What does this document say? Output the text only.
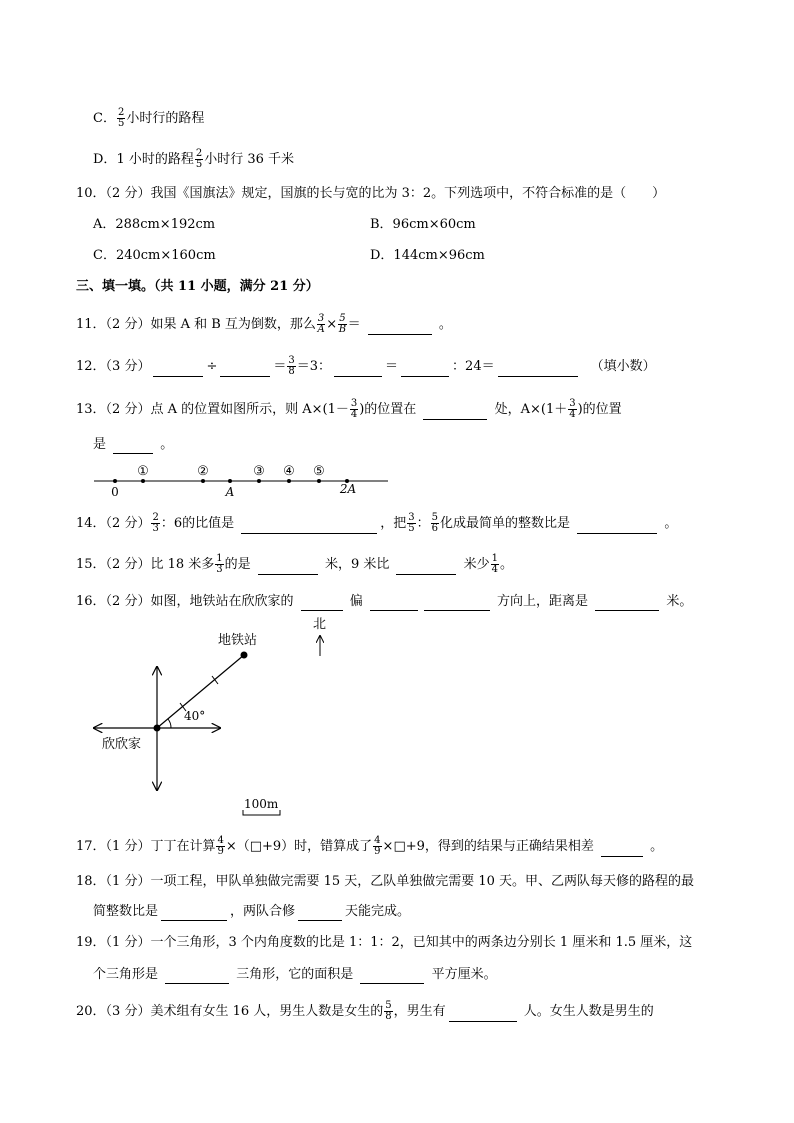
C． $\frac{2}{5}$ 小时行的路程
D．1 小时的路程 $\frac{2}{5}$ 小时行 36 千米
10．（2 分）我国《国旗法》规定，国旗的长与宽的比为 3：2。下列选项中，不符合标准的是（　　）
A．288cm×192cm	B．96cm×60cm
C．240cm×160cm	D．144cm×96cm
三、填一填。（共 11 小题，满分 21 分）
11．（2 分）如果 A 和 B 互为倒数，那么 $\frac{3}{A} \times \frac{5}{B}$ ＝	。
12．（3 分）	÷	＝ $\frac{3}{8} =3$：	＝	：24＝	（填小数）
13．（2 分）点 A 的位置如图所示，则 $A\times(1- \frac{3}{4}$ )的位置在	处，$A\times(1+ \frac{3}{4}$ )的位置
是	。
①	②	③ ④ ⑤
0	A	2A
14．（2 分） $\frac{2}{3}$ ：6的比值是	，把 $\frac{3}{5}$ ： $\frac{5}{6}$ 化成最简单的整数比是	。
15．（2 分）比 18 米多 $\frac{1}{3}$ 的是	米，9 米比	米少 $\frac{1}{4}$ 。
16．（2 分）如图，地铁站在欣欣家的	偏	方向上，距离是	米。
40°
地铁站
欣欣家
北
100m
17．（1 分）丁丁在计算 $\frac{4}{9}$ ×（□+9）时，错算成了 $\frac{4}{9}$ ×□+9，得到的结果与正确结果相差	。
18．（1 分）一项工程，甲队单独做完需要 15 天，乙队单独做完需要 10 天。甲、乙两队每天修的路程的最
简整数比是	，两队合修	天能完成。
19．（1 分）一个三角形，3 个内角度数的比是 1：1：2，已知其中的两条边分别长 1 厘米和 1.5 厘米，这
个三角形是	三角形，它的面积是	平方厘米。
20．（3 分）美术组有女生 16 人，男生人数是女生的 $\frac{5}{8}$ ，男生有	人。女生人数是男生的
